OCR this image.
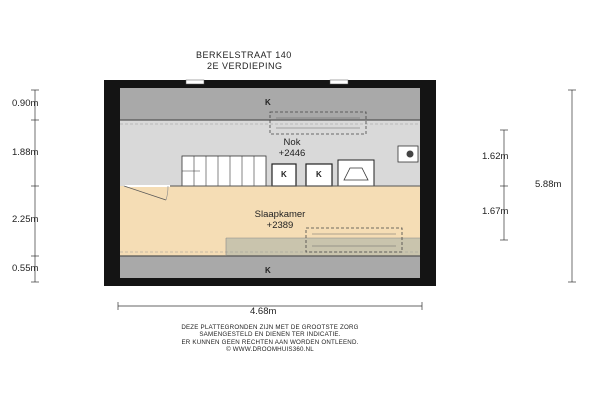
BERKELSTRAAT 140
2E VERDIEPING
0.90m
1.88m
2.25m
0.55m
1.62m
1.67m
5.88m
4.68m
Nok
+2446
Slaapkamer
+2389
K
K	K
K
DEZE PLATTEGRONDEN ZIJN MET DE GROOTSTE ZORG
SAMENGESTELD EN DIENEN TER INDICATIE.
ER KUNNEN GEEN RECHTEN AAN WORDEN ONTLEEND.
© WWW.DROOMHUIS360.NL
